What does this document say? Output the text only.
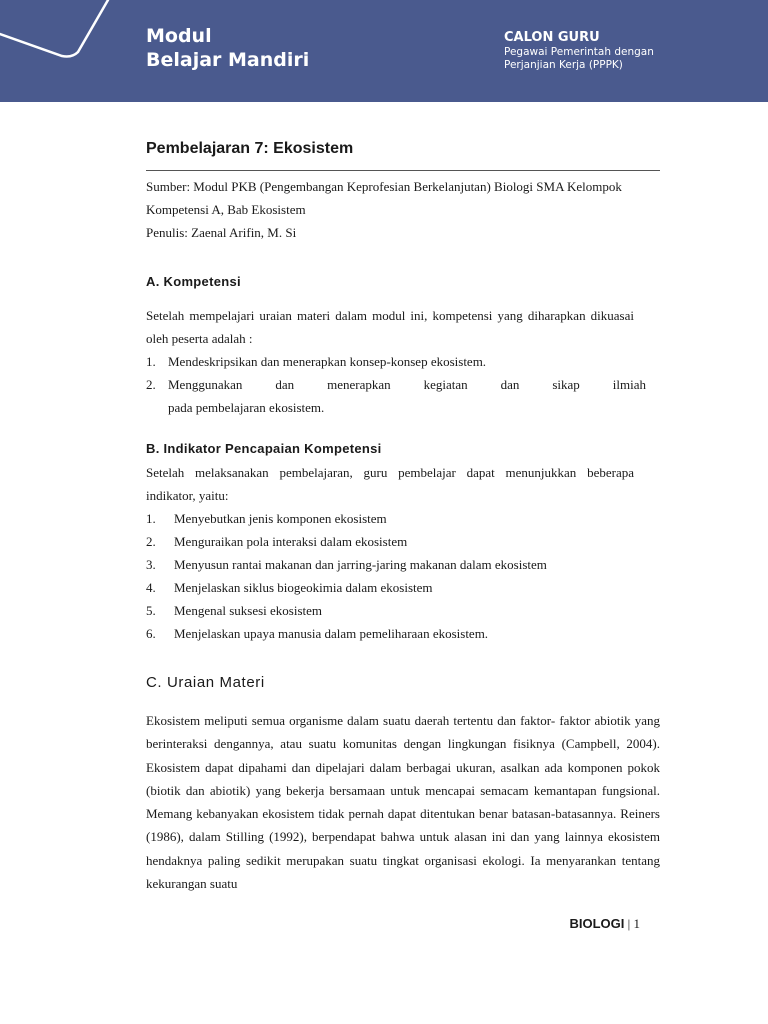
Modul
Belajar Mandiri
CALON GURU
Pegawai Pemerintah dengan
Perjanjian Kerja (PPPK)
Pembelajaran 7: Ekosistem
Sumber: Modul PKB (Pengembangan Keprofesian Berkelanjutan) Biologi SMA Kelompok Kompetensi A, Bab Ekosistem
Penulis: Zaenal Arifin, M. Si
A. Kompetensi
Setelah mempelajari uraian materi dalam modul ini, kompetensi yang diharapkan dikuasai oleh peserta adalah :
1. Mendeskripsikan dan menerapkan konsep-konsep ekosistem.
2. Menggunakan dan menerapkan kegiatan dan sikap ilmiah
pada pembelajaran ekosistem.
B. Indikator Pencapaian Kompetensi
Setelah melaksanakan pembelajaran, guru pembelajar dapat menunjukkan beberapa indikator, yaitu:
1. Menyebutkan jenis komponen ekosistem
2. Menguraikan pola interaksi dalam ekosistem
3. Menyusun rantai makanan dan jarring-jaring makanan dalam ekosistem
4. Menjelaskan siklus biogeokimia dalam ekosistem
5. Mengenal suksesi ekosistem
6. Menjelaskan upaya manusia dalam pemeliharaan ekosistem.
C. Uraian Materi
Ekosistem meliputi semua organisme dalam suatu daerah tertentu dan faktor- faktor abiotik yang berinteraksi dengannya, atau suatu komunitas dengan lingkungan fisiknya (Campbell, 2004). Ekosistem dapat dipahami dan dipelajari dalam berbagai ukuran, asalkan ada komponen pokok (biotik dan abiotik) yang bekerja bersamaan untuk mencapai semacam kemantapan fungsional. Memang kebanyakan ekosistem tidak pernah dapat ditentukan benar batasan-batasannya. Reiners (1986), dalam Stilling (1992), berpendapat bahwa untuk alasan ini dan yang lainnya ekosistem hendaknya paling sedikit merupakan suatu tingkat organisasi ekologi. Ia menyarankan tentang kekurangan suatu
BIOLOGI | 1
